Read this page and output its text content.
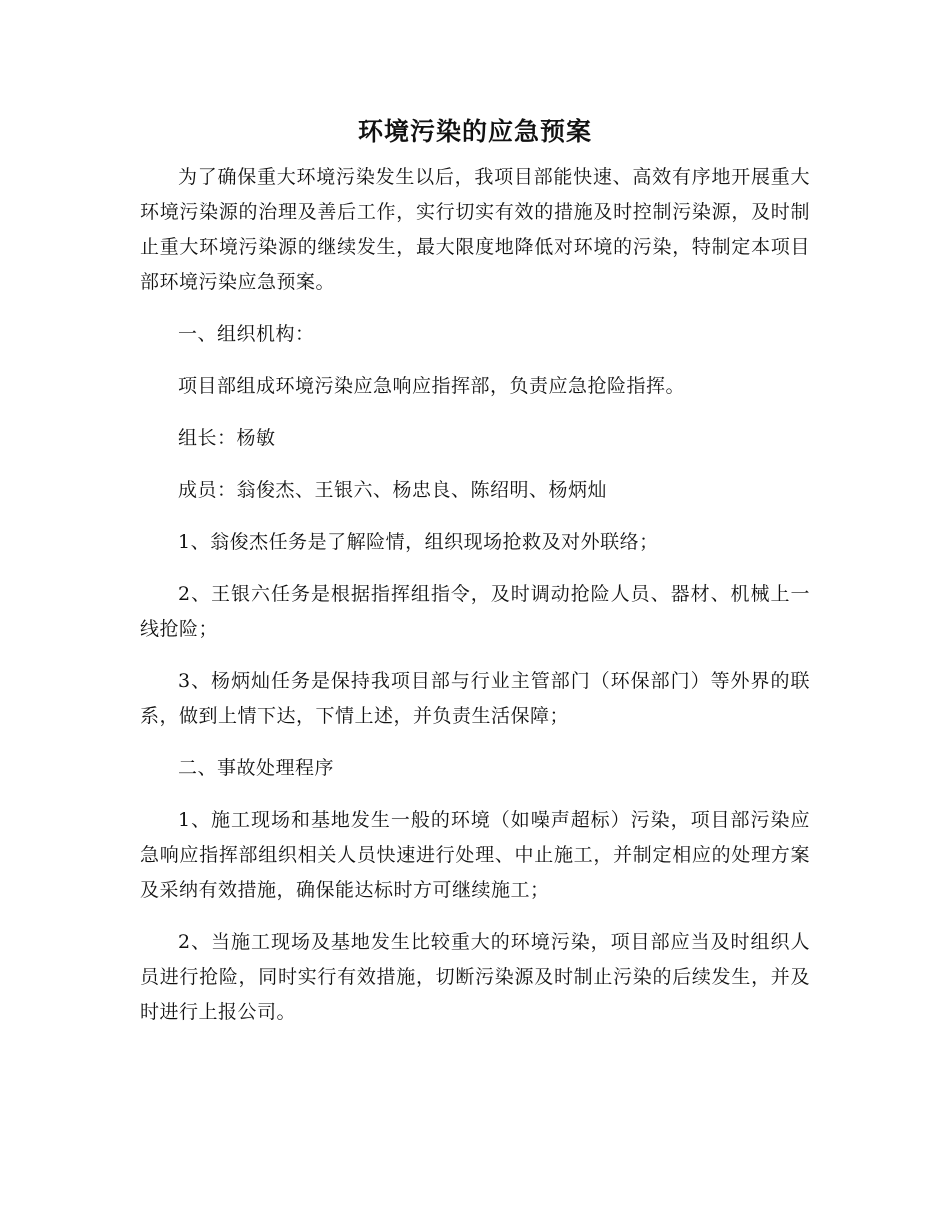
环境污染的应急预案

为了确保重大环境污染发生以后，我项目部能快速、高效有序地开展重大环境污染源的治理及善后工作，实行切实有效的措施及时控制污染源，及时制止重大环境污染源的继续发生，最大限度地降低对环境的污染，特制定本项目部环境污染应急预案。

一、组织机构：

项目部组成环境污染应急响应指挥部，负责应急抢险指挥。

组长：杨敏

成员：翁俊杰、王银六、杨忠良、陈绍明、杨炳灿

1、翁俊杰任务是了解险情，组织现场抢救及对外联络；

2、王银六任务是根据指挥组指令，及时调动抢险人员、器材、机械上一线抢险；

3、杨炳灿任务是保持我项目部与行业主管部门（环保部门）等外界的联系，做到上情下达，下情上述，并负责生活保障；

二、事故处理程序

1、施工现场和基地发生一般的环境（如噪声超标）污染，项目部污染应急响应指挥部组织相关人员快速进行处理、中止施工，并制定相应的处理方案及采纳有效措施，确保能达标时方可继续施工；

2、当施工现场及基地发生比较重大的环境污染，项目部应当及时组织人员进行抢险，同时实行有效措施，切断污染源及时制止污染的后续发生，并及时进行上报公司。
